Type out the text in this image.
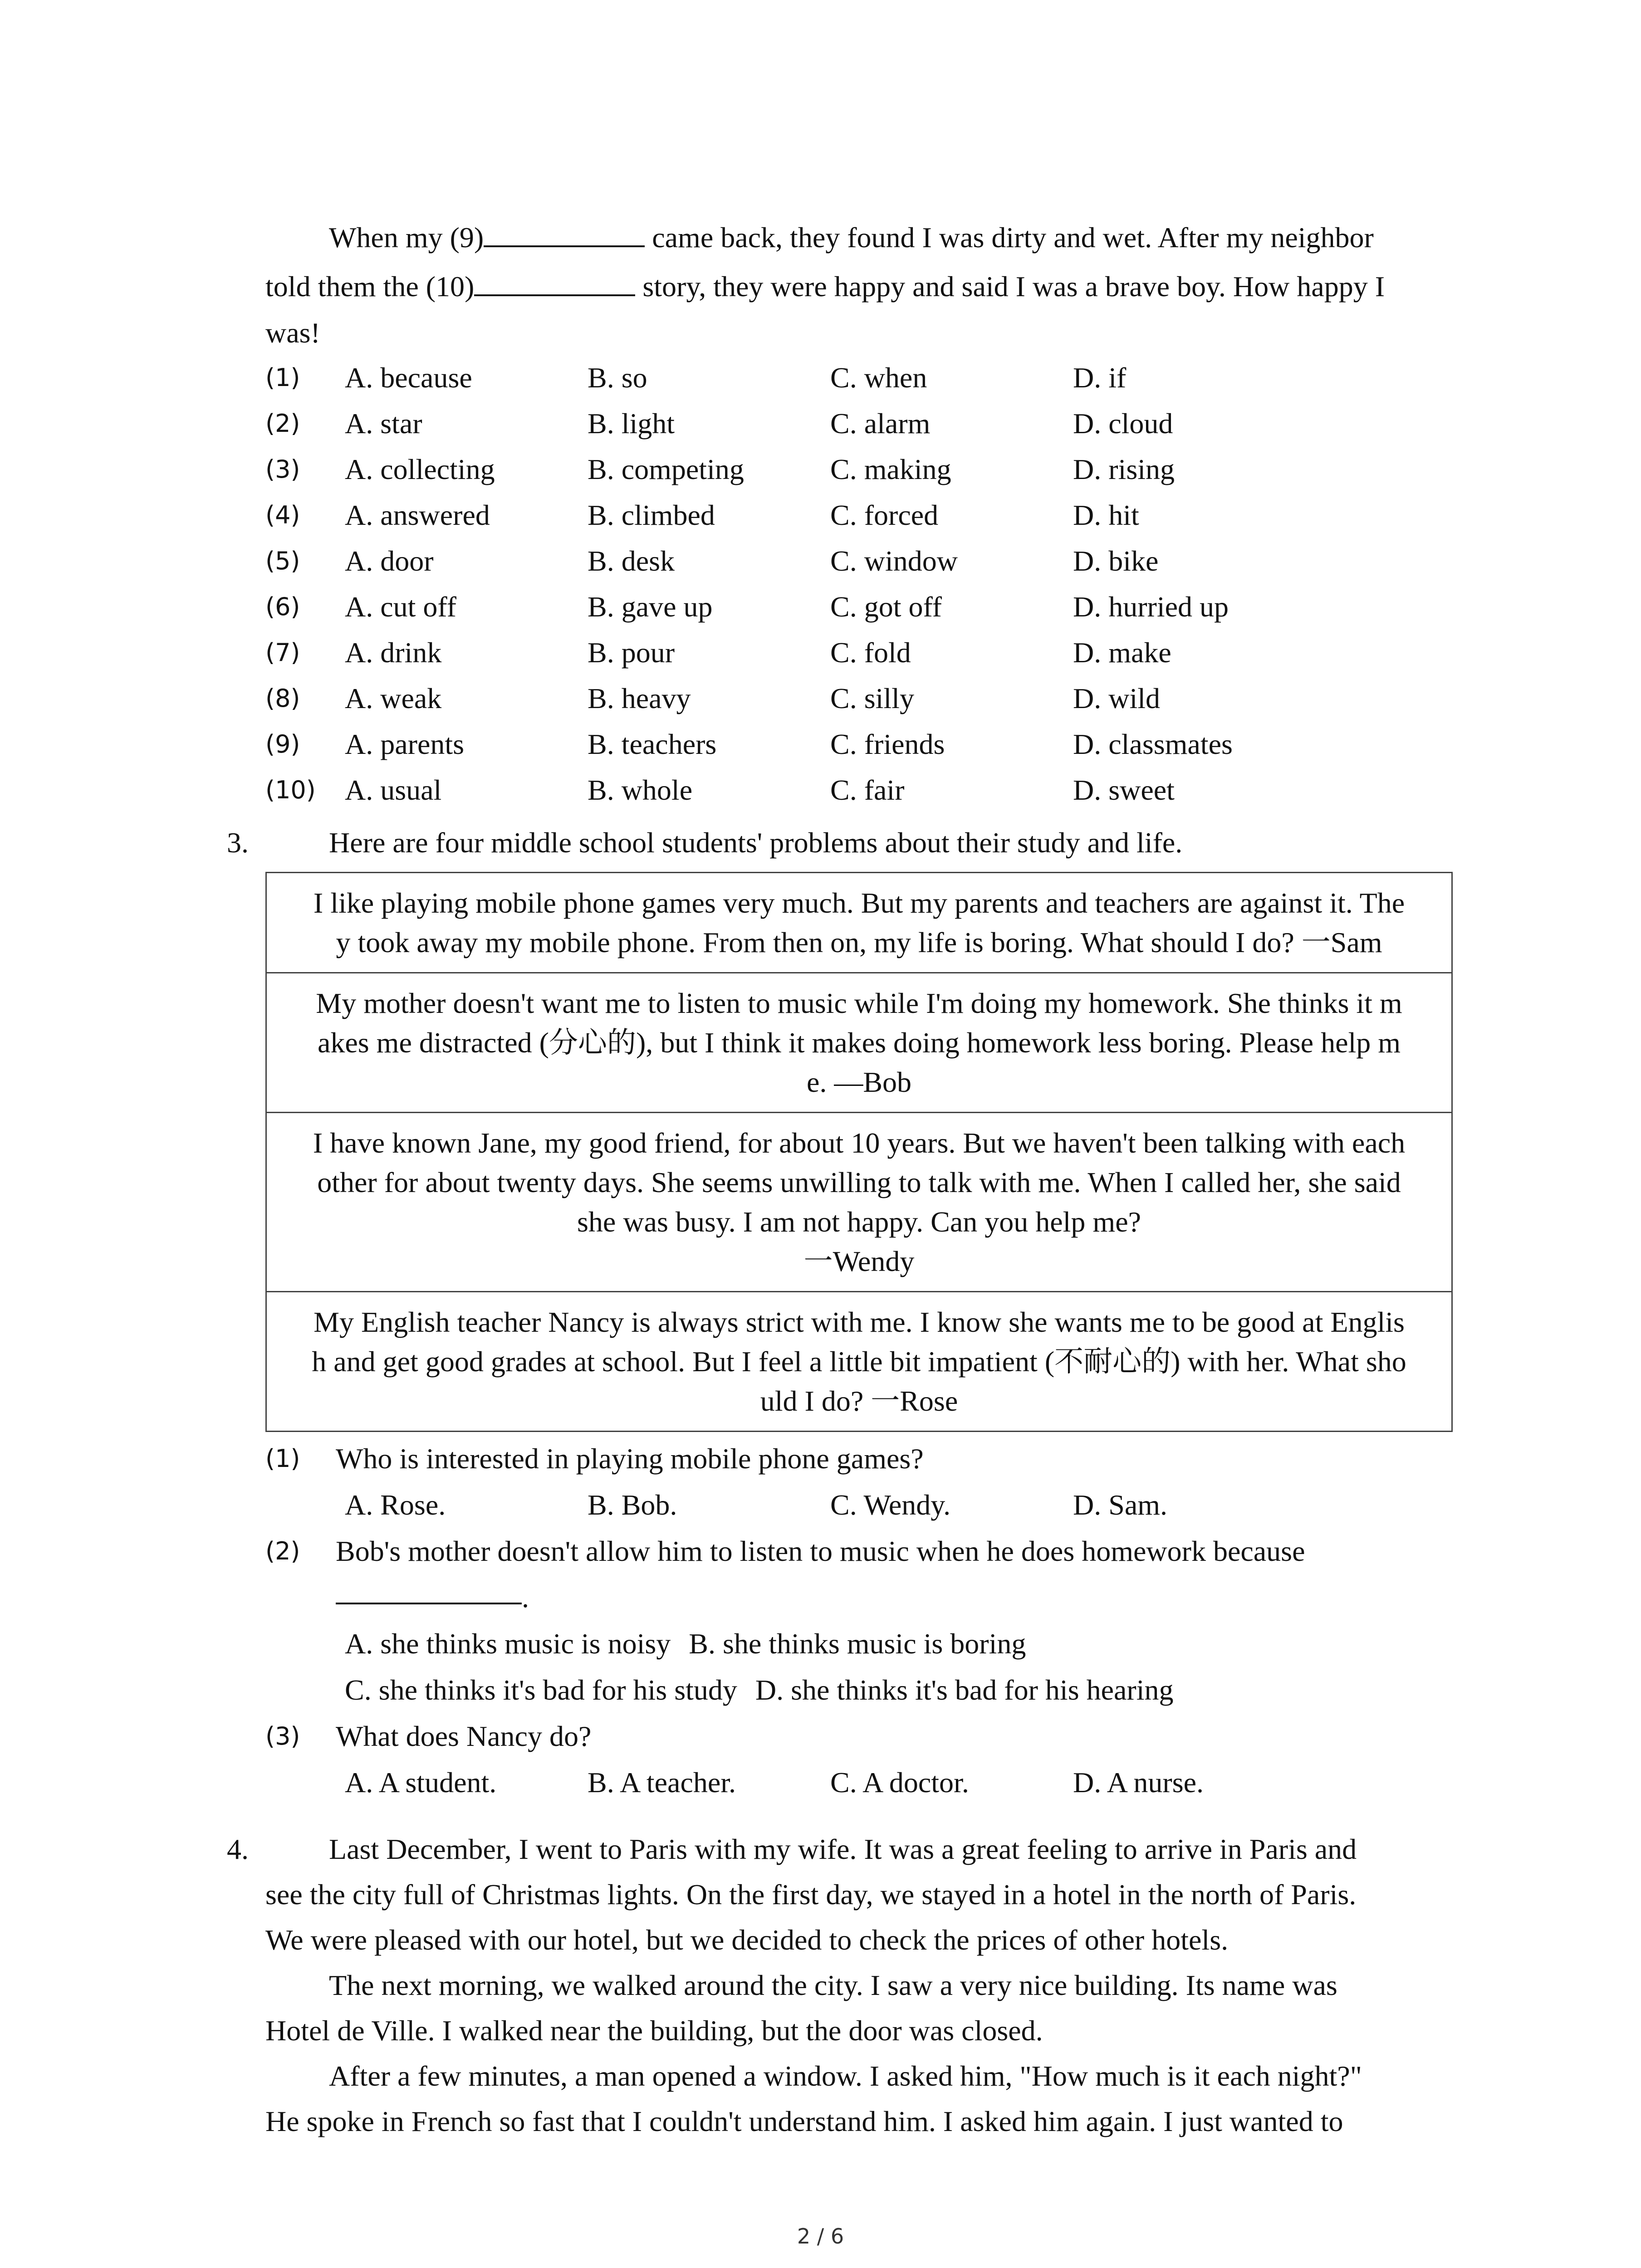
When my (9)	came back, they found I was dirty and wet. After my neighbor

told them the (10)	story, they were happy and said I was a brave boy. How happy I

was!

(1)	A. because	B. so	C. when	D. if
(2)	A. star	B. light	C. alarm	D. cloud
(3)	A. collecting	B. competing	C. making	D. rising
(4)	A. answered	B. climbed	C. forced	D. hit
(5)	A. door	B. desk	C. window	D. bike
(6)	A. cut off	B. gave up	C. got off	D. hurried up
(7)	A. drink	B. pour	C. fold	D. make
(8)	A. weak	B. heavy	C. silly	D. wild
(9)	A. parents	B. teachers	C. friends	D. classmates
(10)	A. usual	B. whole	C. fair	D. sweet
3.	Here are four middle school students' problems about their study and life.
I like playing mobile phone games very much. But my parents and teachers are against it. The
y took away my mobile phone. From then on, my life is boring. What should I do? 一Sam

My mother doesn't want me to listen to music while I'm doing my homework. She thinks it m
akes me distracted (分心的), but I think it makes doing homework less boring. Please help m
e. —Bob

I have known Jane, my good friend, for about 10 years. But we haven't been talking with each
other for about twenty days. She seems unwilling to talk with me. When I called her, she said
she was busy. I am not happy. Can you help me?
一Wendy

My English teacher Nancy is always strict with me. I know she wants me to be good at Englis
h and get good grades at school. But I feel a little bit impatient (不耐心的) with her. What sho
uld I do? 一Rose
(1)	Who is interested in playing mobile phone games?
A. Rose.	B. Bob.	C. Wendy.	D. Sam.
(2)	Bob's mother doesn't allow him to listen to music when he does homework because
.
A. she thinks music is noisy B. she thinks music is boring
C. she thinks it's bad for his study D. she thinks it's bad for his hearing
(3)	What does Nancy do?
A. A student.	B. A teacher.	C. A doctor.	D. A nurse.
4.	Last December, I went to Paris with my wife. It was a great feeling to arrive in Paris and

see the city full of Christmas lights. On the first day, we stayed in a hotel in the north of Paris.

We were pleased with our hotel, but we decided to check the prices of other hotels.

The next morning, we walked around the city. I saw a very nice building. Its name was

Hotel de Ville. I walked near the building, but the door was closed.

After a few minutes, a man opened a window. I asked him, "How much is it each night?"

He spoke in French so fast that I couldn't understand him. I asked him again. I just wanted to

2 / 6
